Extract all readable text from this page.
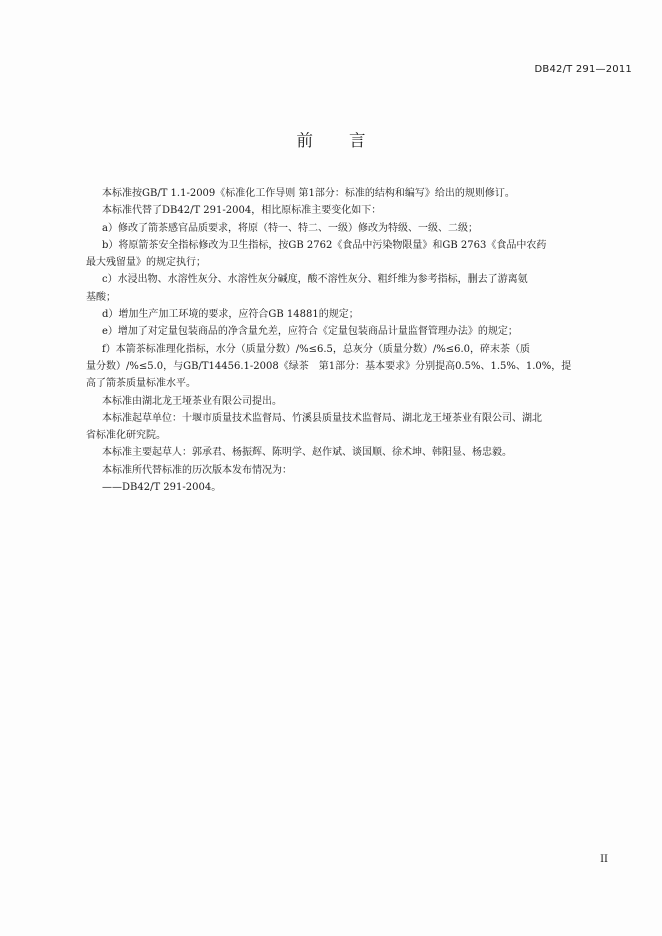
DB42/T 291—2011
前 言

本标准按GB/T 1.1-2009《标准化工作导则 第1部分：标准的结构和编写》给出的规则修订。

本标准代替了DB42/T 291-2004，相比原标准主要变化如下：

a）修改了箭茶感官品质要求，将原（特一、特二、一级）修改为特级、一级、二级；

b）将原箭茶安全指标修改为卫生指标，按GB 2762《食品中污染物限量》和GB 2763《食品中农药

最大残留量》的规定执行；

c）水浸出物、水溶性灰分、水溶性灰分碱度，酸不溶性灰分、粗纤维为参考指标，删去了游离氨

基酸；

d）增加生产加工环境的要求，应符合GB 14881的规定；

e）增加了对定量包装商品的净含量允差，应符合《定量包装商品计量监督管理办法》的规定；

f）本箭茶标准理化指标，水分（质量分数）/%≤6.5，总灰分（质量分数）/%≤6.0，碎末茶（质

量分数）/%≤5.0，与GB/T14456.1-2008《绿茶　第1部分：基本要求》分别提高0.5%、1.5%、1.0%，提

高了箭茶质量标准水平。

本标准由湖北龙王垭茶业有限公司提出。

本标准起草单位：十堰市质量技术监督局、竹溪县质量技术监督局、湖北龙王垭茶业有限公司、湖北

省标准化研究院。

本标准主要起草人：郭承君、杨振辉、陈明学、赵作斌、谈国顺、徐术坤、韩阳显、杨忠毅。

本标准所代替标准的历次版本发布情况为：

——DB42/T 291-2004。

II
